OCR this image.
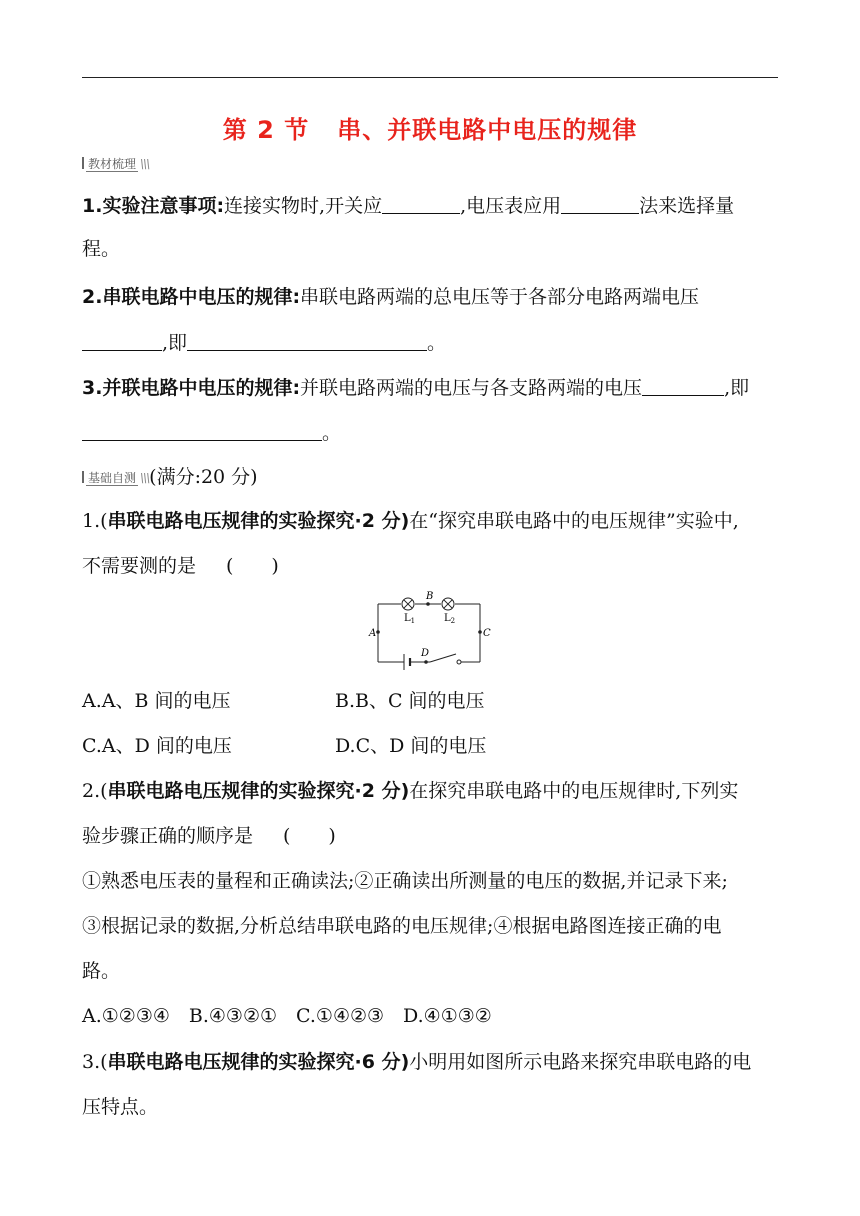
第 2 节 串、并联电路中电压的规律
教材梳理 \\\
1.实验注意事项:连接实物时,开关应	,电压表应用	法来选择量
程。
2.串联电路中电压的规律:串联电路两端的总电压等于各部分电路两端电压
,即	。
3.并联电路中电压的规律:并联电路两端的电压与各支路两端的电压	,即
。
基础自测 \\\(满分:20 分)
1.(串联电路电压规律的实验探究·2 分)在“探究串联电路中的电压规律”实验中,
不需要测的是 (　　)
B
A	C
D
$L_1$	$L_2$
A.A、B 间的电压	B.B、C 间的电压
C.A、D 间的电压	D.C、D 间的电压
2.(串联电路电压规律的实验探究·2 分)在探究串联电路中的电压规律时,下列实
验步骤正确的顺序是 (　　)
①熟悉电压表的量程和正确读法;②正确读出所测量的电压的数据,并记录下来;
③根据记录的数据,分析总结串联电路的电压规律;④根据电路图连接正确的电
路。
A.①②③④　B.④③②①　C.①④②③　D.④①③②
3.(串联电路电压规律的实验探究·6 分)小明用如图所示电路来探究串联电路的电
压特点。
